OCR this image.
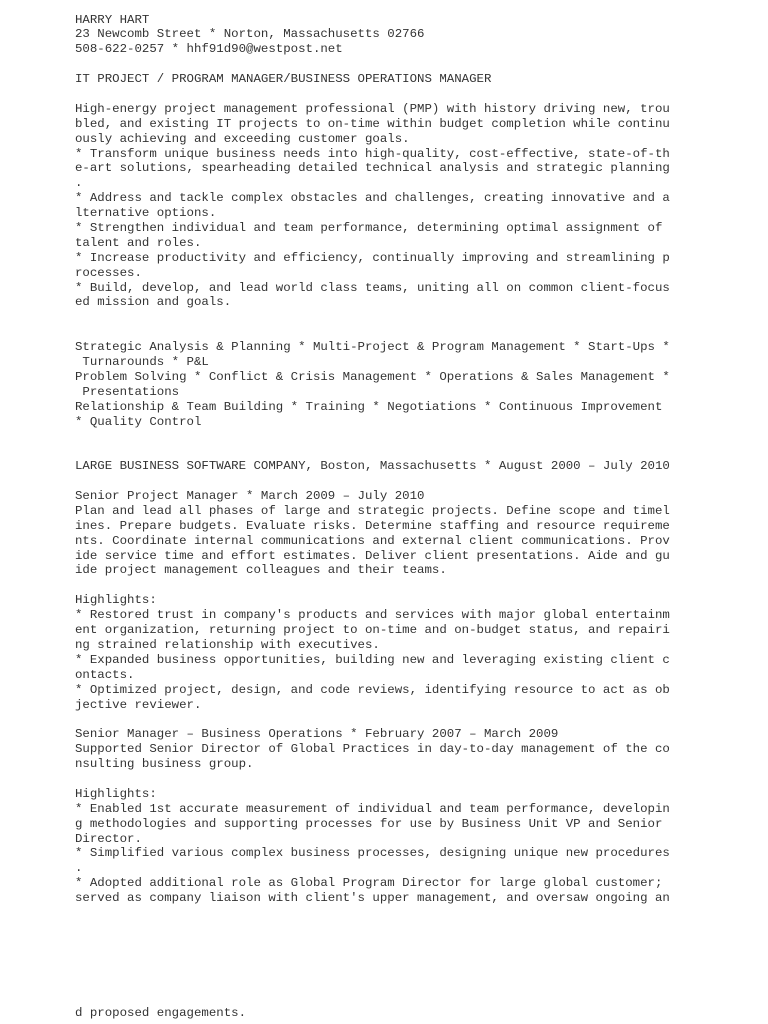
HARRY HART
23 Newcomb Street * Norton, Massachusetts 02766
508-622-0257 * hhf91d90@westpost.net
IT PROJECT / PROGRAM MANAGER/BUSINESS OPERATIONS MANAGER
High-energy project management professional (PMP) with history driving new, trou
bled, and existing IT projects to on-time within budget completion while continu
ously achieving and exceeding customer goals.
* Transform unique business needs into high-quality, cost-effective, state-of-th
e-art solutions, spearheading detailed technical analysis and strategic planning
.
* Address and tackle complex obstacles and challenges, creating innovative and a
lternative options.
* Strengthen individual and team performance, determining optimal assignment of
talent and roles.
* Increase productivity and efficiency, continually improving and streamlining p
rocesses.
* Build, develop, and lead world class teams, uniting all on common client-focus
ed mission and goals.
Strategic Analysis & Planning * Multi-Project & Program Management * Start-Ups *
Turnarounds * P&L
Problem Solving * Conflict & Crisis Management * Operations & Sales Management *
Presentations
Relationship & Team Building * Training * Negotiations * Continuous Improvement
* Quality Control
LARGE BUSINESS SOFTWARE COMPANY, Boston, Massachusetts * August 2000 – July 2010
Senior Project Manager * March 2009 – July 2010
Plan and lead all phases of large and strategic projects. Define scope and timel
ines. Prepare budgets. Evaluate risks. Determine staffing and resource requireme
nts. Coordinate internal communications and external client communications. Prov
ide service time and effort estimates. Deliver client presentations. Aide and gu
ide project management colleagues and their teams.
Highlights:
* Restored trust in company's products and services with major global entertainm
ent organization, returning project to on-time and on-budget status, and repairi
ng strained relationship with executives.
* Expanded business opportunities, building new and leveraging existing client c
ontacts.
* Optimized project, design, and code reviews, identifying resource to act as ob
jective reviewer.
Senior Manager – Business Operations * February 2007 – March 2009
Supported Senior Director of Global Practices in day-to-day management of the co
nsulting business group.
Highlights:
* Enabled 1st accurate measurement of individual and team performance, developin
g methodologies and supporting processes for use by Business Unit VP and Senior
Director.
* Simplified various complex business processes, designing unique new procedures
.
* Adopted additional role as Global Program Director for large global customer;
served as company liaison with client's upper management, and oversaw ongoing an
d proposed engagements.
